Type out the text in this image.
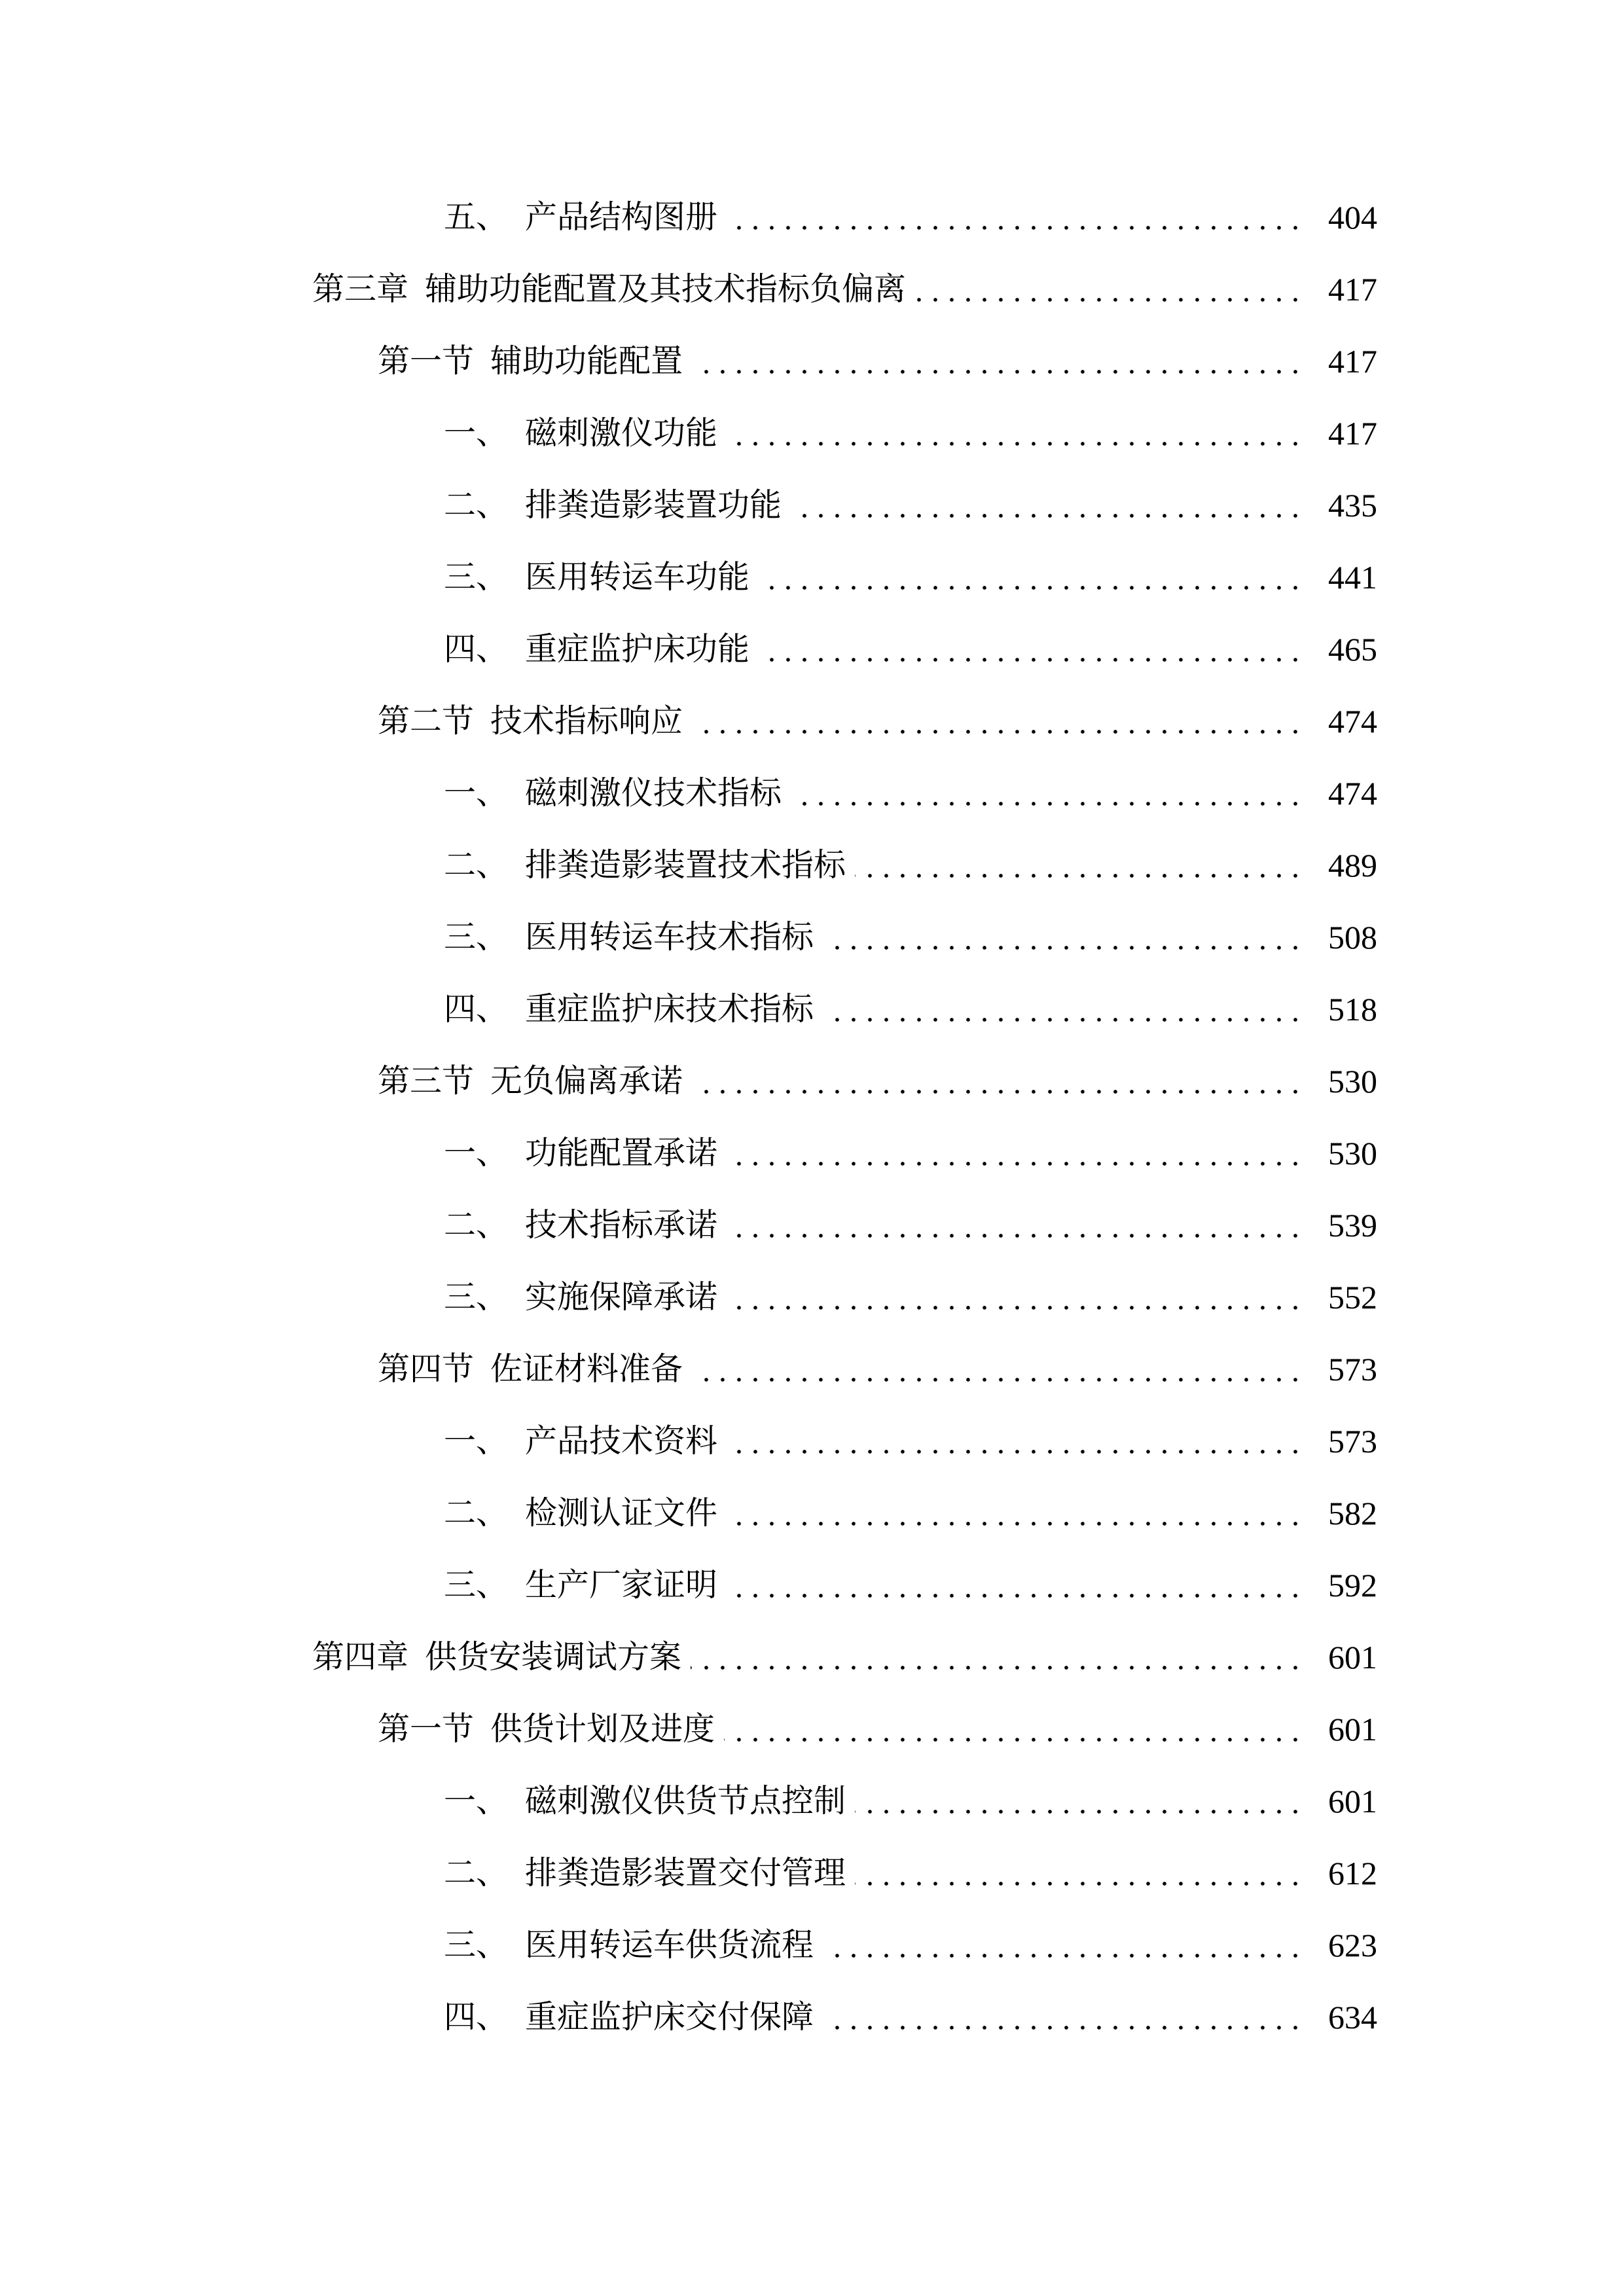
五、 产品结构图册	404
第三章 辅助功能配置及其技术指标负偏离	417
第一节 辅助功能配置	417
一、 磁刺激仪功能	417
二、 排粪造影装置功能	435
三、 医用转运车功能	441
四、 重症监护床功能	465
第二节 技术指标响应	474
一、 磁刺激仪技术指标	474
二、 排粪造影装置技术指标	489
三、 医用转运车技术指标	508
四、 重症监护床技术指标	518
第三节 无负偏离承诺	530
一、 功能配置承诺	530
二、 技术指标承诺	539
三、 实施保障承诺	552
第四节 佐证材料准备	573
一、 产品技术资料	573
二、 检测认证文件	582
三、 生产厂家证明	592
第四章 供货安装调试方案	601
第一节 供货计划及进度	601
一、 磁刺激仪供货节点控制	601
二、 排粪造影装置交付管理	612
三、 医用转运车供货流程	623
四、 重症监护床交付保障	634
